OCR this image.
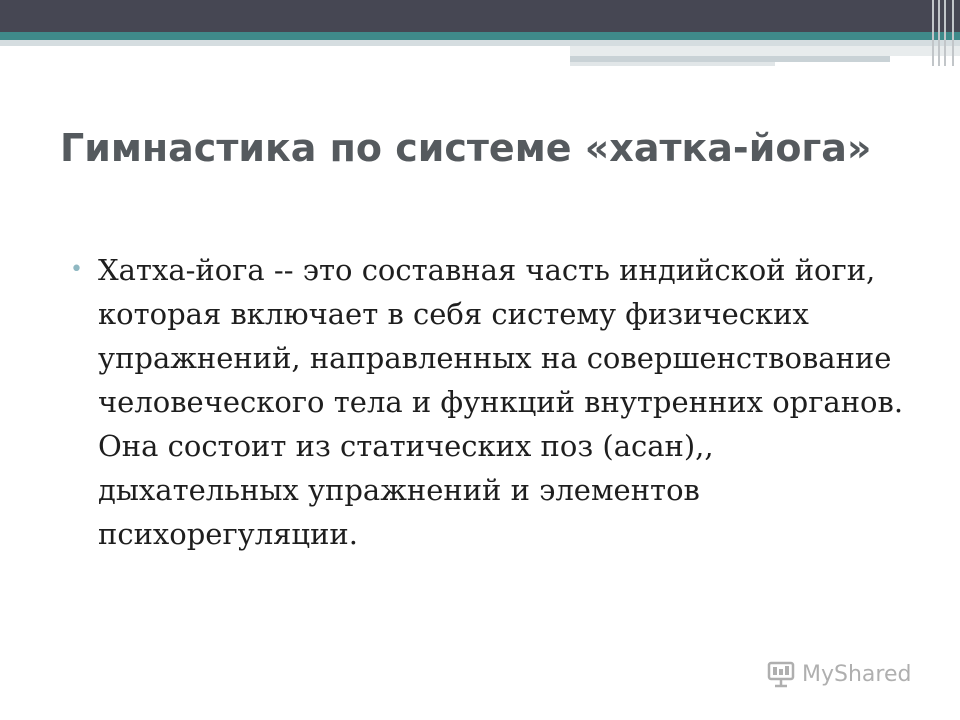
Гимнастика по системе «хатка-йога»
• Хатха-йога -- это составная часть индийской йоги, которая включает в себя систему физических упражнений, направленных на совершенствование человеческого тела и функций внутренних органов. Она состоит из статических поз (асан),, дыхательных упражнений и элементов психорегуляции.
MyShared
